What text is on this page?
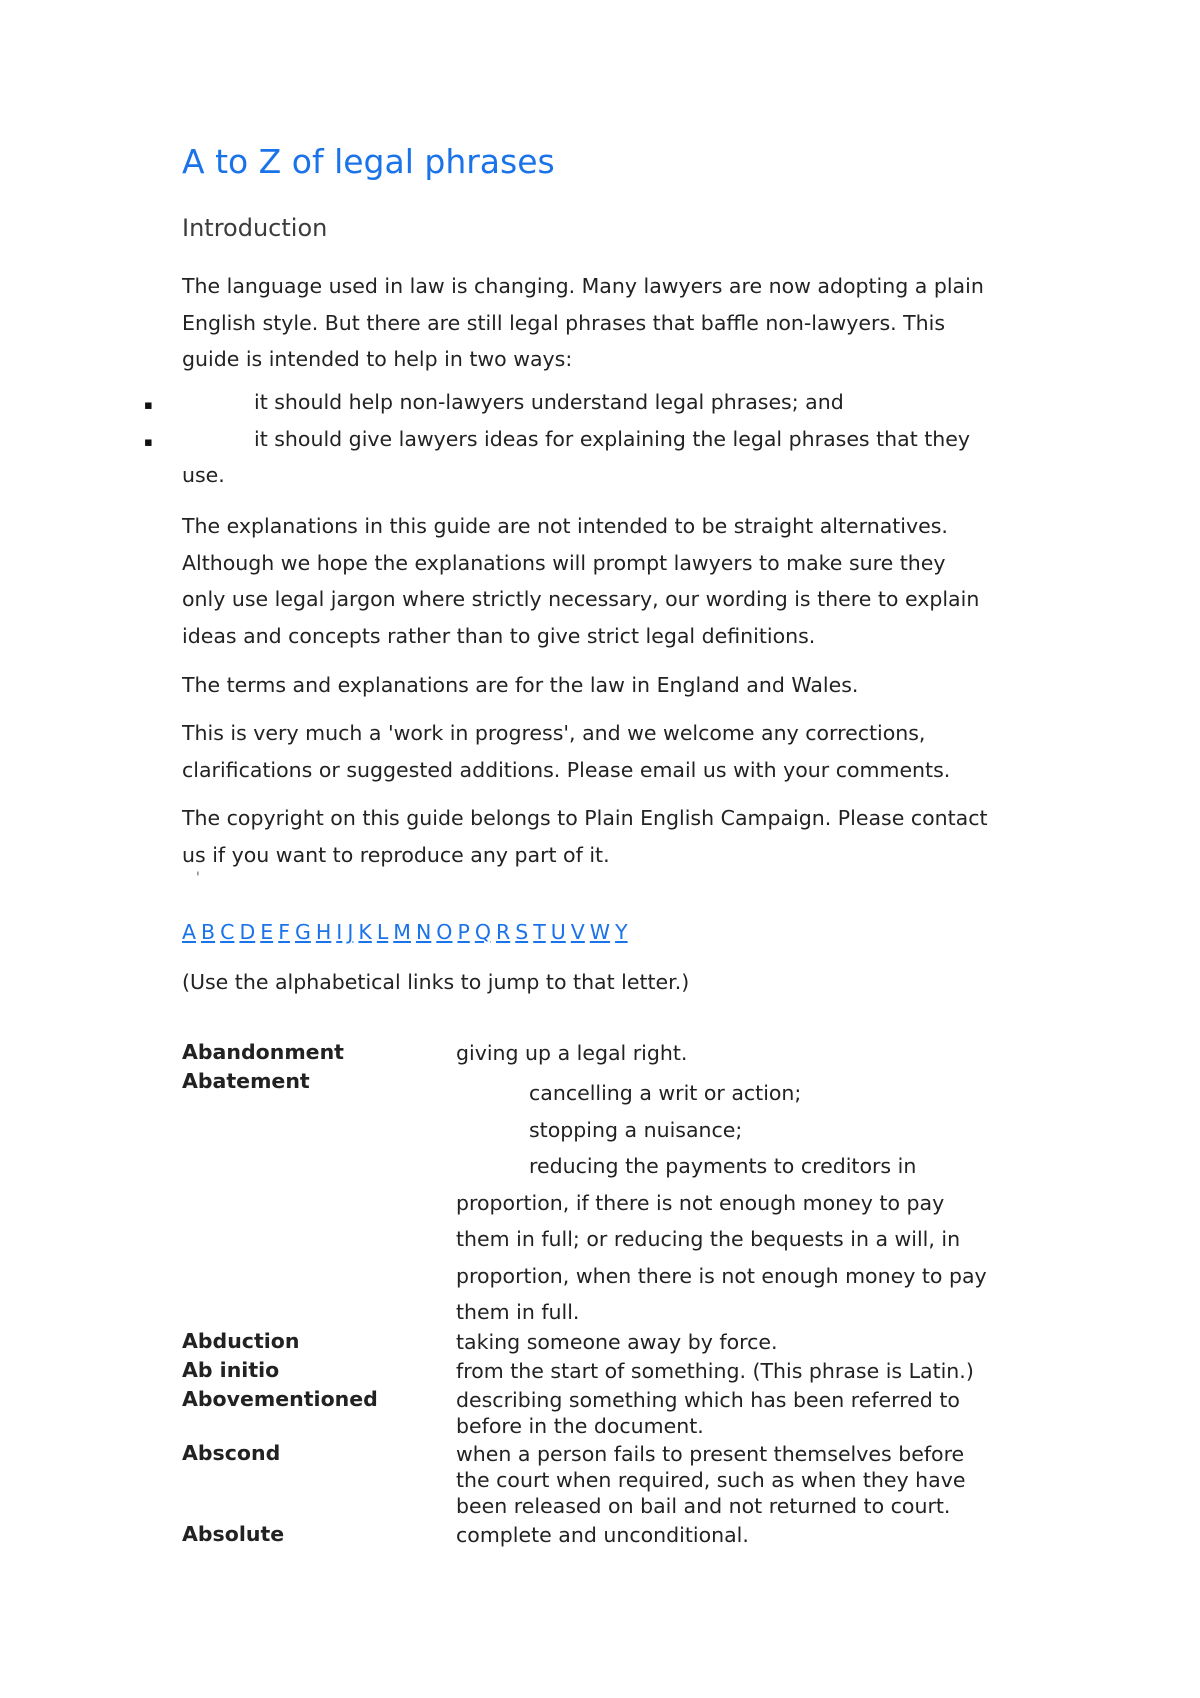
A to Z of legal phrases
Introduction
The language used in law is changing. Many lawyers are now adopting a plain
English style. But there are still legal phrases that baffle non-lawyers. This
guide is intended to help in two ways:
▪	it should help non-lawyers understand legal phrases; and
▪	it should give lawyers ideas for explaining the legal phrases that they
use.
The explanations in this guide are not intended to be straight alternatives.
Although we hope the explanations will prompt lawyers to make sure they
only use legal jargon where strictly necessary, our wording is there to explain
ideas and concepts rather than to give strict legal definitions.
The terms and explanations are for the law in England and Wales.
This is very much a 'work in progress', and we welcome any corrections,
clarifications or suggested additions. Please email us with your comments.
The copyright on this guide belongs to Plain English Campaign. Please contact
us if you want to reproduce any part of it.
'
A B C D E F G H I J K L M N O P Q R S T U V W Y
(Use the alphabetical links to jump to that letter.)
Abandonment	giving up a legal right.
Abatement	cancelling a writ or action;
stopping a nuisance;
reducing the payments to creditors in
proportion, if there is not enough money to pay
them in full; or reducing the bequests in a will, in
proportion, when there is not enough money to pay
them in full.
Abduction	taking someone away by force.
Ab initio	from the start of something. (This phrase is Latin.)
Abovementioned	describing something which has been referred to
before in the document.
Abscond	when a person fails to present themselves before
the court when required, such as when they have
been released on bail and not returned to court.
Absolute	complete and unconditional.
